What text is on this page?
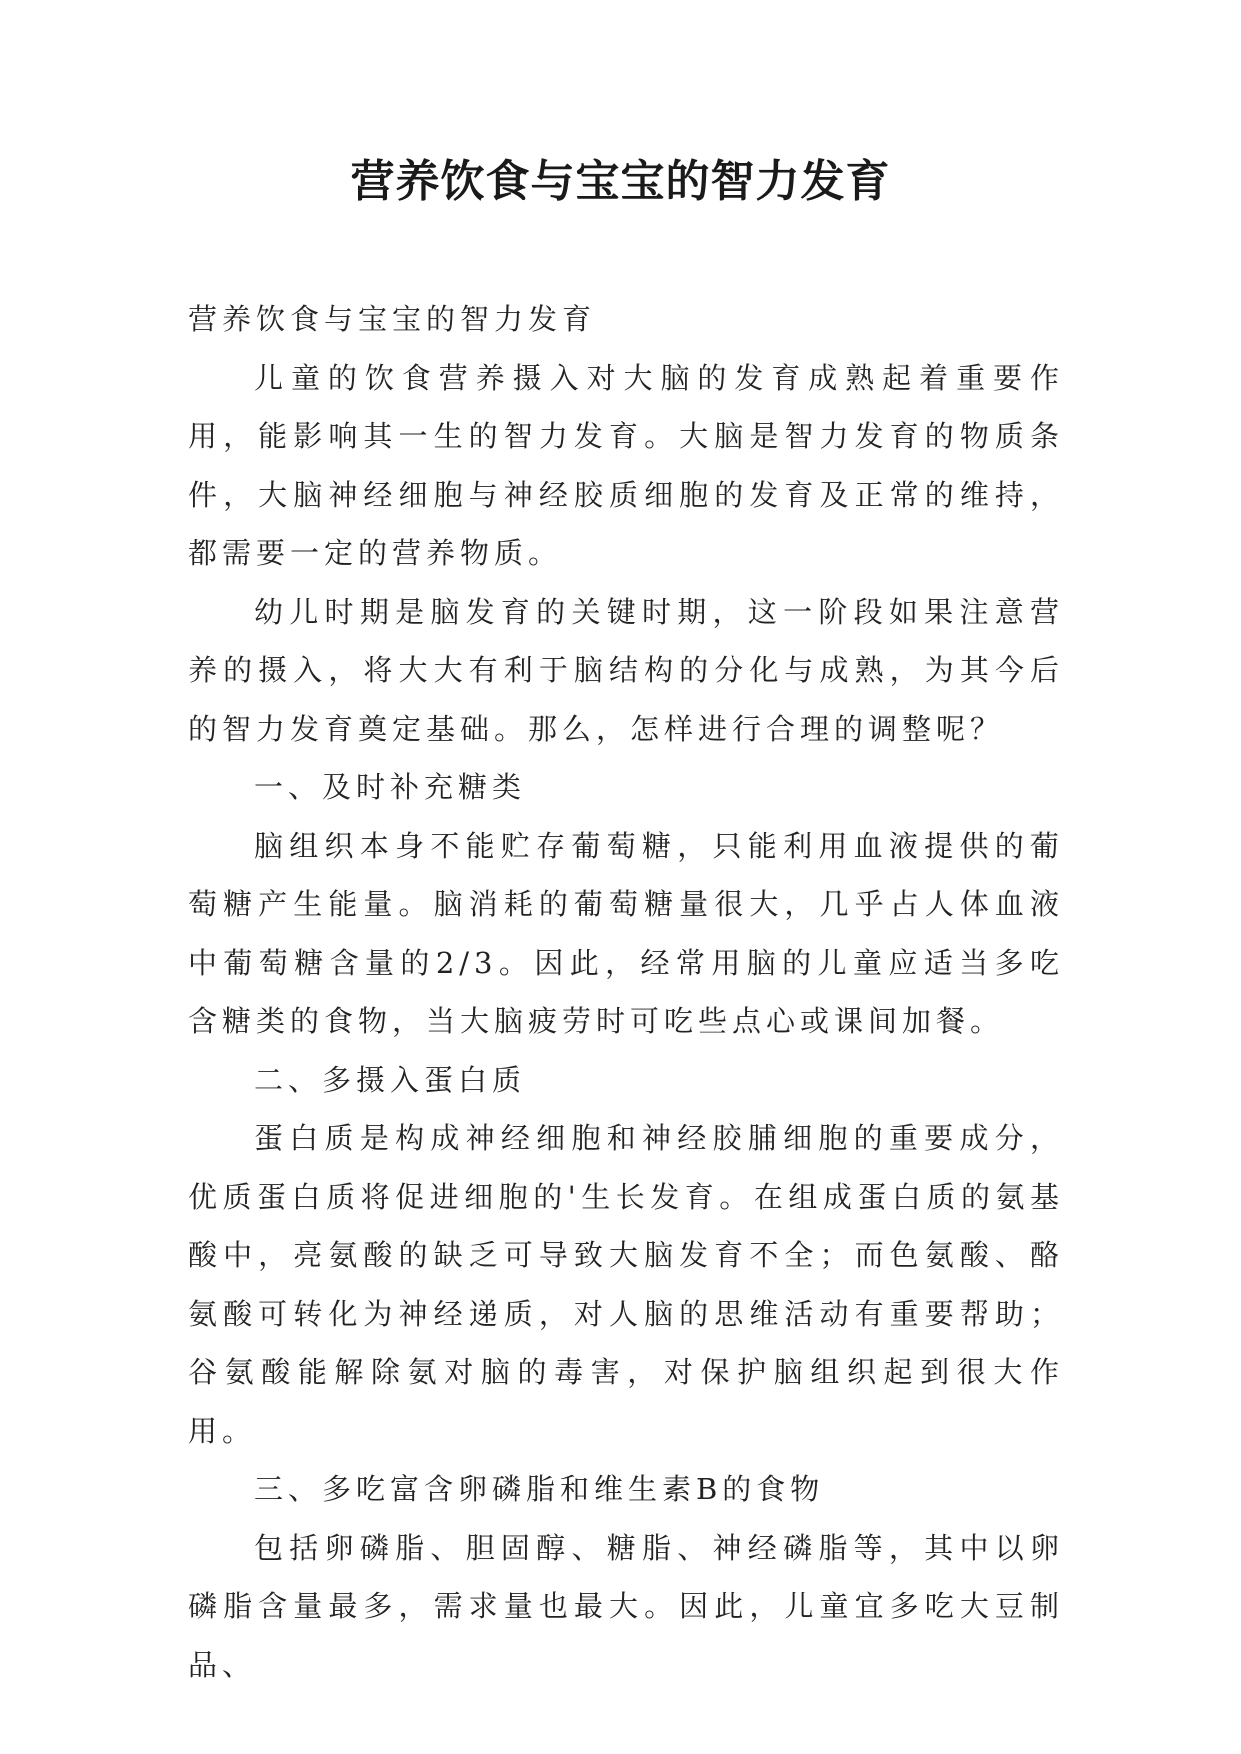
营养饮食与宝宝的智力发育

营养饮食与宝宝的智力发育

儿童的饮食营养摄入对大脑的发育成熟起着重要作用，能影响其一生的智力发育。大脑是智力发育的物质条件，大脑神经细胞与神经胶质细胞的发育及正常的维持，都需要一定的营养物质。

幼儿时期是脑发育的关键时期，这一阶段如果注意营养的摄入，将大大有利于脑结构的分化与成熟，为其今后的智力发育奠定基础。那么，怎样进行合理的调整呢？

一、及时补充糖类

脑组织本身不能贮存葡萄糖，只能利用血液提供的葡萄糖产生能量。脑消耗的葡萄糖量很大，几乎占人体血液中葡萄糖含量的2/3。因此，经常用脑的儿童应适当多吃含糖类的食物，当大脑疲劳时可吃些点心或课间加餐。

二、多摄入蛋白质

蛋白质是构成神经细胞和神经胶脯细胞的重要成分，优质蛋白质将促进细胞的'生长发育。在组成蛋白质的氨基酸中，亮氨酸的缺乏可导致大脑发育不全；而色氨酸、酪氨酸可转化为神经递质，对人脑的思维活动有重要帮助；谷氨酸能解除氨对脑的毒害，对保护脑组织起到很大作用。

三、多吃富含卵磷脂和维生素B的食物

包括卵磷脂、胆固醇、糖脂、神经磷脂等，其中以卵磷脂含量最多，需求量也最大。因此，儿童宜多吃大豆制品、
